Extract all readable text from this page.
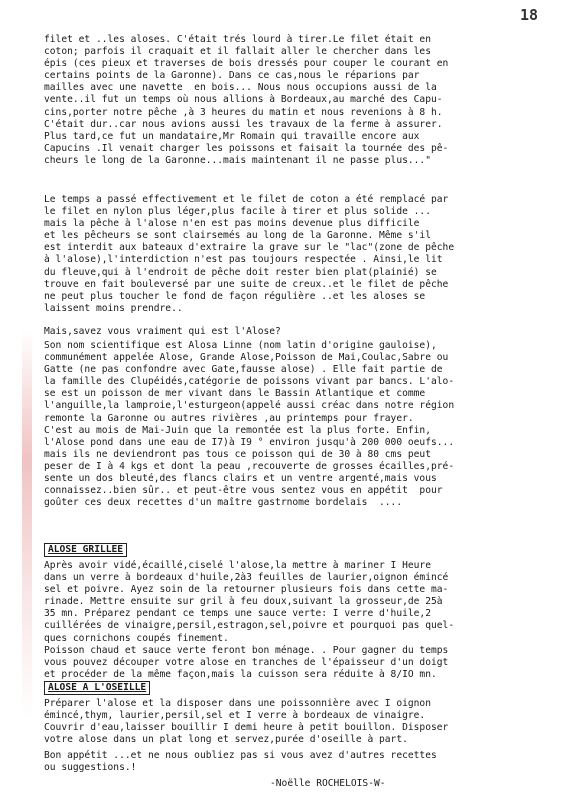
18
filet et ..les aloses. C'était trés lourd à tirer.Le filet était en
coton; parfois il craquait et il fallait aller le chercher dans les
épis (ces pieux et traverses de bois dressés pour couper le courant en
certains points de la Garonne). Dans ce cas,nous le réparions par
mailles avec une navette  en bois... Nous nous occupions aussi de la
vente..il fut un temps où nous allions à Bordeaux,au marché des Capu-
cins,porter notre pêche ,à 3 heures du matin et nous revenions à 8 h.
C'était dur..car nous avions aussi les travaux de la ferme à assurer.
Plus tard,ce fut un mandataire,Mr Romain qui travaille encore aux
Capucins .Il venait charger les poissons et faisait la tournée des pê-
cheurs le long de la Garonne...mais maintenant il ne passe plus..."
Le temps a passé effectivement et le filet de coton a été remplacé par
le filet en nylon plus léger,plus facile à tirer et plus solide ...
mais la pêche à l'alose n'en est pas moins devenue plus difficile
et les pêcheurs se sont clairsemés au long de la Garonne. Même s'il
est interdit aux bateaux d'extraire la grave sur le "lac"(zone de pêche
à l'alose),l'interdiction n'est pas toujours respectée . Ainsi,le lit
du fleuve,qui à l'endroit de pêche doit rester bien plat(plainié) se
trouve en fait bouleversé par une suite de creux..et le filet de pêche
ne peut plus toucher le fond de façon régulière ..et les aloses se
laissent moins prendre..
Mais,savez vous vraiment qui est l'Alose?
Son nom scientifique est Alosa Linne (nom latin d'origine gauloise),
communément appelée Alose, Grande Alose,Poisson de Mai,Coulac,Sabre ou
Gatte (ne pas confondre avec Gate,fausse alose) . Elle fait partie de
la famille des Clupéidés,catégorie de poissons vivant par bancs. L'alo-
se est un poisson de mer vivant dans le Bassin Atlantique et comme
l'anguille,la lamproie,l'esturgeon(appelé aussi créac dans notre région
remonte la Garonne ou autres rivières ,au printemps pour frayer.
C'est au mois de Mai-Juin que la remontée est la plus forte. Enfin,
l'Alose pond dans une eau de I7)à I9 ° environ jusqu'à 200 000 oeufs...
mais ils ne deviendront pas tous ce poisson qui de 30 à 80 cms peut
peser de I à 4 kgs et dont la peau ,recouverte de grosses écailles,pré-
sente un dos bleuté,des flancs clairs et un ventre argenté,mais vous
connaissez..bien sûr.. et peut-être vous sentez vous en appétit  pour
goûter ces deux recettes d'un maître gastrnome bordelais  ....
ALOSE GRILLEE
Après avoir vidé,écaillé,ciselé l'alose,la mettre à mariner I Heure
dans un verre à bordeaux d'huile,2à3 feuilles de laurier,oignon émincé
sel et poivre. Ayez soin de la retourner plusieurs fois dans cette ma-
rinade. Mettre ensuite sur gril à feu doux,suivant la grosseur,de 25à
35 mn. Préparez pendant ce temps une sauce verte: I verre d'huile,2
cuillérées de vinaigre,persil,estragon,sel,poivre et pourquoi pas quel-
ques cornichons coupés finement.
Poisson chaud et sauce verte feront bon ménage. . Pour gagner du temps
vous pouvez découper votre alose en tranches de l'épaisseur d'un doigt
et procéder de la même façon,mais la cuisson sera réduite à 8/IO mn.
ALOSE A L'OSEILLE
Préparer l'alose et la disposer dans une poissonnière avec I oignon
émincé,thym, laurier,persil,sel et I verre à bordeaux de vinaigre.
Couvrir d'eau,laisser bouillir I demi heure à petit bouillon. Disposer
votre alose dans un plat long et servez,purée d'oseille à part.
Bon appétit ...et ne nous oubliez pas si vous avez d'autres recettes
ou suggestions.!
-Noëlle ROCHELOIS-W-
